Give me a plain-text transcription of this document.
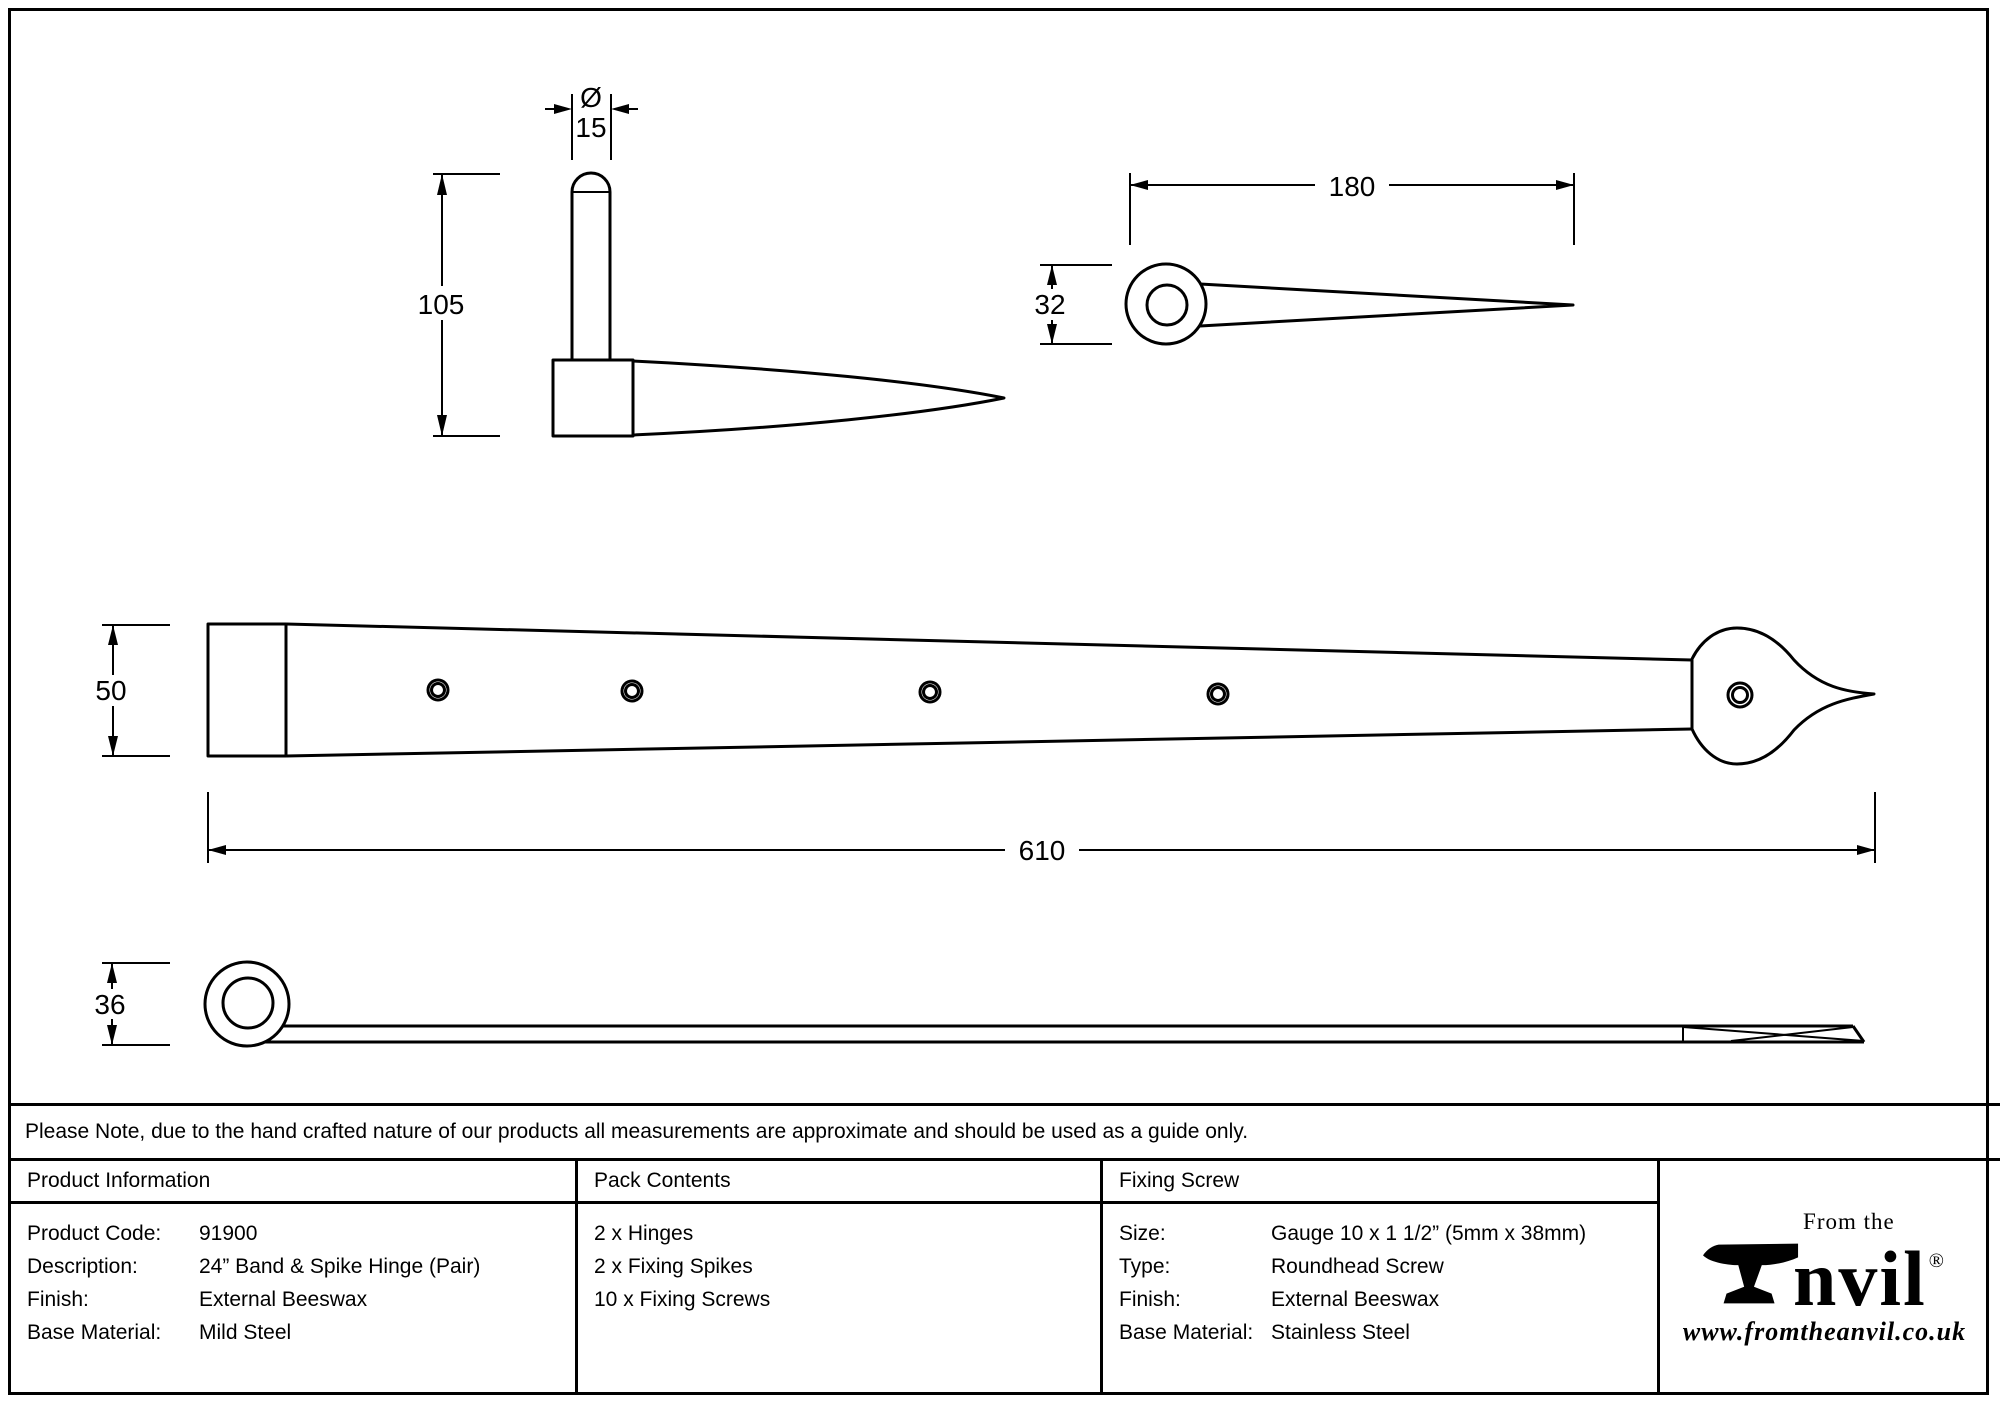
Ø
15
105
180
32
50
610
36
Please Note, due to the hand crafted nature of our products all measurements are approximate and should be used as a guide only.
Product Information
Product Code:	91900
Description:	24” Band & Spike Hinge (Pair)
Finish:	External Beeswax
Base Material:	Mild Steel
Pack Contents
2 x Hinges
2 x Fixing Spikes
10 x Fixing Screws
Fixing Screw
Size:	Gauge 10 x 1 1/2” (5mm x 38mm)
Type:	Roundhead Screw
Finish:	External Beeswax
Base Material: Stainless Steel
From the
nvil ®
www.fromtheanvil.co.uk
